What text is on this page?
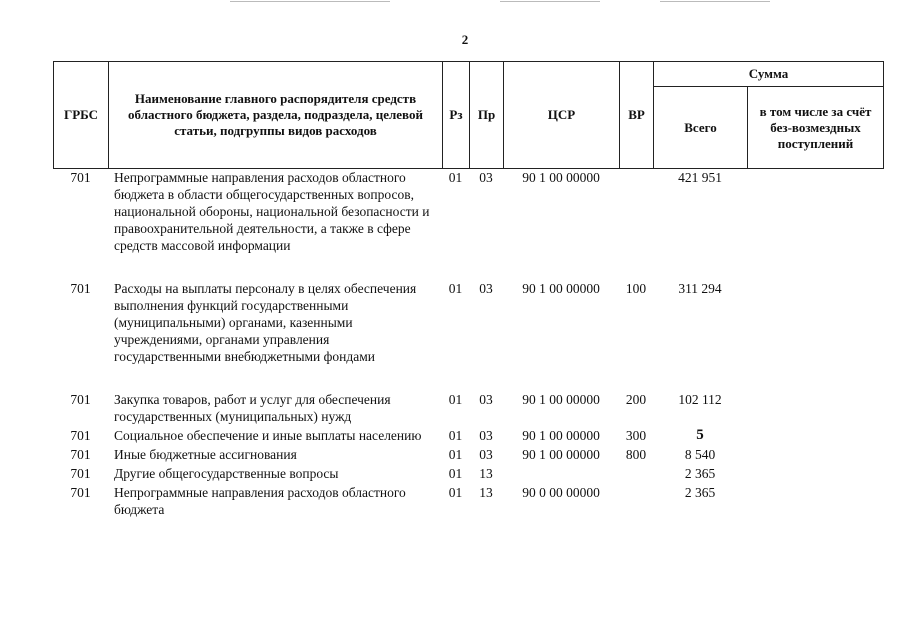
2
ГРБС	Наименование главного распорядителя средств областного бюджета, раздела, подраздела, целевой статьи, подгруппы видов расходов	Рз	Пр	ЦСР	ВР	Сумма	
						Всего	в том числе за счёт без-возмездных поступлений
701	Непрограммные направления расходов областного бюджета в области общегосударственных вопросов, национальной обороны, национальной безопасности и правоохранительной деятельности, а также в сфере средств массовой информации	01	03	90 1 00 00000		421 951	
701	Расходы на выплаты персоналу в целях обеспечения выполнения функций государственными (муниципальными) органами, казенными учреждениями, органами управления государственными внебюджетными фондами	01	03	90 1 00 00000	100	311 294	
701	Закупка товаров, работ и услуг для обеспечения государственных (муниципальных) нужд	01	03	90 1 00 00000	200	102 112	
701	Социальное обеспечение и иные выплаты населению	01	03	90 1 00 00000	300	5	
701	Иные бюджетные ассигнования	01	03	90 1 00 00000	800	8 540	
701	Другие общегосударственные вопросы	01	13			2 365	
701	Непрограммные направления расходов областного бюджета	01	13	90 0 00 00000		2 365	
